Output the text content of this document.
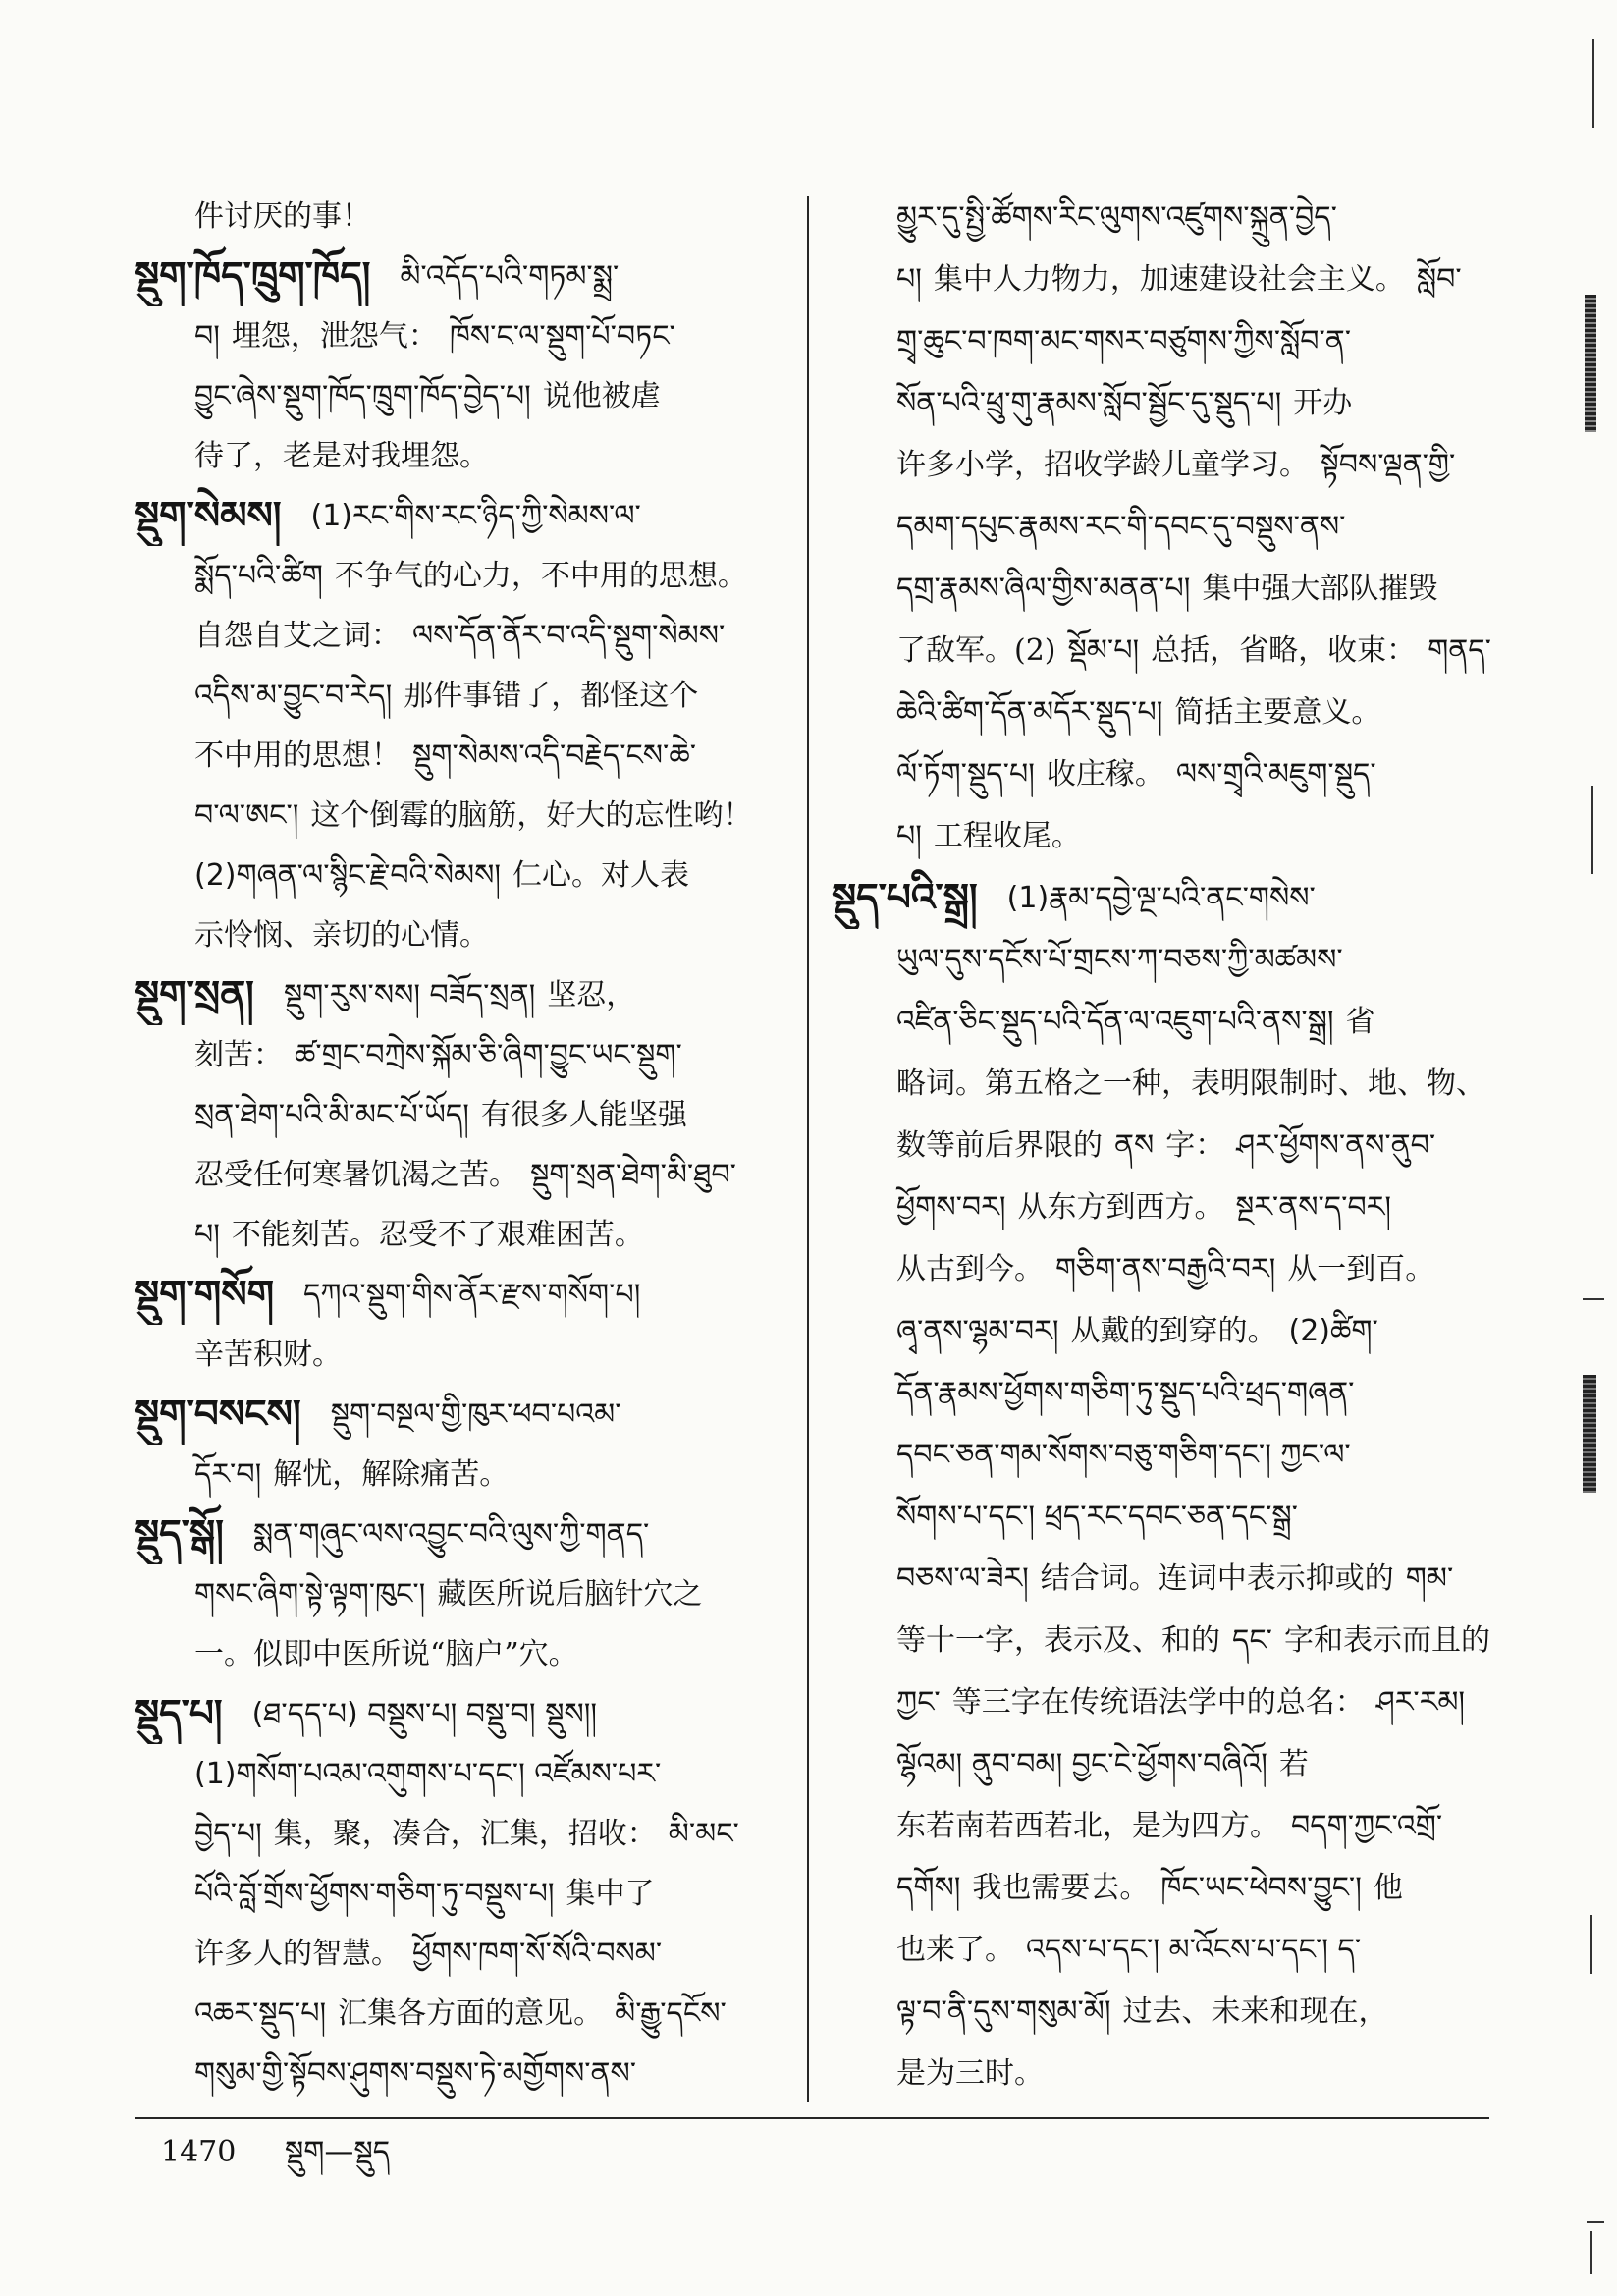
件讨厌的事！
སྡུག་ཁོད་ཁྲུག་ཁོད། མི་འདོད་པའི་གཏམ་སྨྲ་
བ། 埋怨，泄怨气： ཁོས་ང་ལ་སྡུག་པོ་བཏང་
བྱུང་ཞེས་སྡུག་ཁོད་ཁྲུག་ཁོད་བྱེད་པ། 说他被虐
待了，老是对我埋怨。
སྡུག་སེམས། (1)རང་གིས་རང་ཉིད་ཀྱི་སེམས་ལ་
སྨོད་པའི་ཚིག 不争气的心力，不中用的思想。
自怨自艾之词： ལས་དོན་ནོར་བ་འདི་སྡུག་སེམས་
འདིས་མ་བྱུང་བ་རེད། 那件事错了，都怪这个
不中用的思想！ སྡུག་སེམས་འདི་བརྗེད་ངས་ཆེ་
བ་ལ་ཨང་། 这个倒霉的脑筋，好大的忘性哟！
(2)གཞན་ལ་སྙིང་རྗེ་བའི་སེམས། 仁心。对人表
示怜悯、亲切的心情。
སྡུག་སྲན། སྡུག་རུས་སས། བཟོད་སྲན། 坚忍，
刻苦： ཚ་གྲང་བཀྲེས་སྐོམ་ཅི་ཞིག་བྱུང་ཡང་སྡུག་
སྲན་ཐེག་པའི་མི་མང་པོ་ཡོད། 有很多人能坚强
忍受任何寒暑饥渴之苦。 སྡུག་སྲན་ཐེག་མི་ཐུབ་
པ། 不能刻苦。忍受不了艰难困苦。
སྡུག་གསོག དཀའ་སྡུག་གིས་ནོར་རྫས་གསོག་པ།
辛苦积财。
སྡུག་བསངས། སྡུག་བསྔལ་གྱི་ཁུར་ཕབ་པའམ་
དོར་བ། 解忧，解除痛苦。
སྡུད་སྒོ། སྨན་གཞུང་ལས་འབྱུང་བའི་ལུས་ཀྱི་གནད་
གསང་ཞིག་སྟེ་ལྟག་ཁུང་། 藏医所说后脑针穴之
一。似即中医所说“脑户”穴。
སྡུད་པ། (ཐ་དད་པ) བསྡུས་པ། བསྡུ་བ། སྡུས།།
(1)གསོག་པའམ་འགུགས་པ་དང་། འཛོམས་པར་
བྱེད་པ། 集，聚，凑合，汇集，招收： མི་མང་
པོའི་བློ་གྲོས་ཕྱོགས་གཅིག་ཏུ་བསྡུས་པ། 集中了
许多人的智慧。 ཕྱོགས་ཁག་སོ་སོའི་བསམ་
འཆར་སྡུད་པ། 汇集各方面的意见。 མི་རྒྱུ་དངོས་
གསུམ་གྱི་སྟོབས་ཤུགས་བསྡུས་ཏེ་མགྱོགས་ནས་
མྱུར་དུ་སྤྱི་ཚོགས་རིང་ལུགས་འཛུགས་སྐྲུན་བྱེད་
པ། 集中人力物力，加速建设社会主义。 སློབ་
གྲྭ་ཆུང་བ་ཁག་མང་གསར་བཙུགས་ཀྱིས་སློབ་ན་
སོན་པའི་ཕྲུ་གུ་རྣམས་སློབ་སྦྱོང་དུ་སྡུད་པ། 开办
许多小学，招收学龄儿童学习。 སྟོབས་ལྡན་གྱི་
དམག་དཔུང་རྣམས་རང་གི་དབང་དུ་བསྡུས་ནས་
དགྲ་རྣམས་ཞིལ་གྱིས་མནན་པ། 集中强大部队摧毁
了敌军。(2) སྡོམ་པ། 总括，省略，收束： གནད་
ཆེའི་ཚིག་དོན་མདོར་སྡུད་པ། 简括主要意义。
ལོ་ཏོག་སྡུད་པ། 收庄稼。 ལས་གྲྭའི་མཇུག་སྡུད་
པ། 工程收尾。
སྡུད་པའི་སྒྲ། (1)རྣམ་དབྱེ་ལྔ་པའི་ནང་གསེས་
ཡུལ་དུས་དངོས་པོ་གྲངས་ཀ་བཅས་ཀྱི་མཚམས་
འཛིན་ཅིང་སྡུད་པའི་དོན་ལ་འཇུག་པའི་ནས་སྒྲ། 省
略词。第五格之一种，表明限制时、地、物、
数等前后界限的 ནས 字： ཤར་ཕྱོགས་ནས་ནུབ་
ཕྱོགས་བར། 从东方到西方。 སྔར་ནས་ད་བར།
从古到今。 གཅིག་ནས་བརྒྱའི་བར། 从一到百。
ཞྭ་ནས་ལྷམ་བར། 从戴的到穿的。 (2)ཚིག་
དོན་རྣམས་ཕྱོགས་གཅིག་ཏུ་སྡུད་པའི་ཕྲད་གཞན་
དབང་ཅན་གམ་སོགས་བཅུ་གཅིག་དང་། ཀྱང་ལ་
སོགས་པ་དང་། ཕྲད་རང་དབང་ཅན་དང་སྒྲ་
བཅས་ལ་ཟེར། 结合词。连词中表示抑或的 གམ་
等十一字，表示及、和的 དང་ 字和表示而且的
ཀྱང་ 等三字在传统语法学中的总名： ཤར་རམ།
ལྷོའམ། ནུབ་བམ། བྱང་ངེ་ཕྱོགས་བཞིའོ། 若
东若南若西若北，是为四方。 བདག་ཀྱང་འགྲོ་
དགོས། 我也需要去。 ཁོང་ཡང་ཕེབས་བྱུང་། 他
也来了。 འདས་པ་དང་། མ་འོངས་པ་དང་། ད་
ལྟ་བ་ནི་དུས་གསུམ་མོ། 过去、未来和现在，
是为三时。
1470 སྡུག—སྡུད
